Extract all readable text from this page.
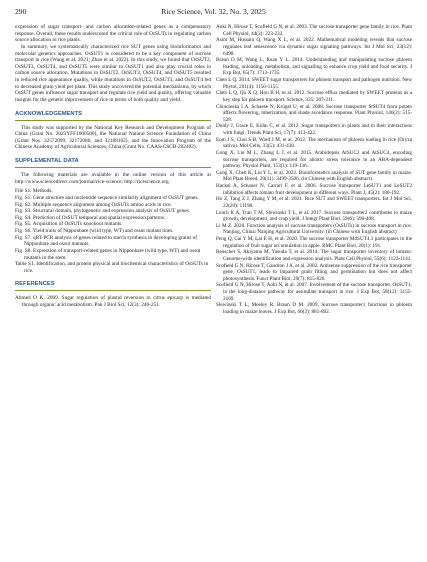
290	Rice Science, Vol. 32, No. 3, 2025

expression of sugar transport- and carbon allocation-related genes as a compensatory response. Overall, these results underscored the critical role of OsSUTs in regulating carbon source allocation in rice plants.

In summary, we systematically characterized rice SUT genes using bioinformatics and molecular genetics approaches. OsSUT1 is considered to be a key component of sucrose transport in rice (Wang et al, 2021; Zhao et al, 2022). In this study, we found that OsSUT2, OsSUT3, OsSUT4, and OsSUT5 were similar to OsSUT1 and also play crucial roles in carbon source allocation. Mutations in OsSUT2, OsSUT3, OsSUT4, and OsSUT5 resulted in reduced rice appearance quality, while mutations in OsSUT2, OsSUT3, and OsSUT4 led to decreased grain yield per plant. This study uncovered the potential mechanisms, by which OsSUT genes influence sugar transport and regulate rice yield and quality, offering valuable insights for the genetic improvement of rice in terms of both quality and yield.

ACKNOWLEDGEMENTS

This study was supported by the National Key Research and Development Program of China (Grant No. 2023YFF1000500), the National Natural Science Foundation of China (Grant Nos. 32572099, 32172080, and 32188102), and the Innovation Program of the Chinese Academy of Agricultural Sciences, China (Grant No. CAAS-CSCB-202402).

SUPPLEMENTAL DATA

The following materials are available in the online version of this article at http://www.sciencedirect.com/journal/rice-science; http://ricescience.org.

File S1. Methods.
Fig. S1. Gene structure and nucleotide sequence similarity alignment of OsSUT genes.
Fig. S2. Multiple sequence alignment among OsSUTs amino acids in rice.
Fig. S3. Structural domain, phylogenetic and expression analysis of OsSUT genes.
Fig. S4. Prediction of OsSUT temporal and spatial expression patterns.
Fig. S5. Acquisition of OsSUTs knockout mutants.
Fig. S6. Yield traits of Nipponbare (wild type, WT) and ossut mutant lines.
Fig. S7. qRT-PCR analysis of genes related to starch synthesis in developing grains of Nipponbare and ossut mutants.
Fig. S8. Expression of transport-related genes in Nipponbare (wild type, WT) and ossut mutants in the stem.
Table S1. Identification, and protein physical and biochemical characteristics of OsSUTs in rice.
REFERENCES
Ahmed O K. 2009. Sugar regulation of plastid reversion in citrus epicarp is mediated through organic acid metabolism. Pak J Biol Sci, 12(3): 246-251.
Aoki N, Hirose T, Scofield G N, et al. 2003. The sucrose transporter gene family in rice. Plant Cell Physiol, 44(3): 223-232.
Asim M, Hussain Q, Wang X L, et al. 2022. Mathematical modeling reveals that sucrose regulates leaf senescence via dynamic sugar signaling pathways. Int J Mol Sci, 23(12): 6498.
Braun D M, Wang L, Ruan Y L. 2014. Understanding and manipulating sucrose phloem loading, unloading, metabolism, and signalling to enhance crop yield and food security. J Exp Bot, 65(7): 1713-1735.
Chen L Q. 2014. SWEET sugar transporters for phloem transport and pathogen nutrition. New Phytol, 201(4): 1150-1155.
Chen L Q, Qu X Q, Hou B H, et al. 2012. Sucrose efflux mediated by SWEET proteins as a key step for phloem transport. Science, 335: 207-211.
Chincinska I A, Schaese N, Krügel U, et al. 2008. Sucrose transporter StSUT4 from potato affects flowering, tuberization, and shade avoidance response. Plant Physiol, 146(2): 515-528.
Doidy J, Grace E, Kühn C, et al. 2012. Sugar transporters in plants and in their interactions with fungi. Trends Plant Sci, 17(7): 413-422.
Eom J S, Choi S B, Ward J M, et al. 2012. The mechanism of phloem loading in rice (Oryza sativa). Mol Cells, 33(5): 431-438.
Gong X, Liu M L, Zhang L J, et al. 2015. Arabidopsis AtSUC2 and AtSUC4, encoding sucrose transporters, are required for abiotic stress tolerance in an ABA-dependent pathway. Physiol Plant, 153(1): 119-136.
Gong X, Chen K, Liu Y L, et al. 2022. Bioinformatics analysis of SUT gene family in maize. Mol Plant Breed, 20(11): 3499-3506. (in Chinese with English abstract)
Hackel A, Schauer N, Carrari F, et al. 2006. Sucrose transporter LeSUT1 and LeSUT2 inhibition affects tomato fruit development in different ways. Plant J, 45(2): 180-192.
Ho Z, Tang Z J, Zhang Y M, et al. 2021. Rice SUT and SWEET transporters. Int J Mol Sci, 22(20): 11198.
Leach K A, Tran T M, Slewinski T L, et al. 2017. Sucrose transporter2 contributes to maize growth, development, and crop yield. J Integr Plant Biol, 59(6): 390-408.
Li M Z. 2020. Function analysis of sucrose transporters (OsSUTs) in sucrose transport in rice. Nanjing, China: Nanjing Agricultural University. (in Chinese with English abstract)
Peng Q, Cai Y M, Lai E H, et al. 2020. The sucrose transporter MdSUT4.1 participates in the regulation of fruit sugar accumulation in apple. BMC Plant Biol, 20(1): 191.
Reuscher S, Akiyama M, Yasuda T, et al. 2014. The sugar transporter inventory of tomato: Genome-wide identification and expression analysis. Plant Cell Physiol, 55(6): 1123-1141.
Scofield G N, Hirose T, Gaudron J A, et al. 2002. Antisense suppression of the rice transporter gene, OsSUT1, leads to impaired grain filling and germination but does not affect photosynthesis. Funct Plant Biol, 29(7): 815-826.
Scofield G N, Hirose T, Aoki N, et al. 2007. Involvement of the sucrose transporter, OsSUT1, in the long-distance pathway for assimilate transport in rice. J Exp Bot, 58(12): 3155-3169.
Slewinski T L, Meeley R, Braun D M. 2009. Sucrose transporter1 functions in phloem loading in maize leaves. J Exp Bot, 60(3): 881-892.
